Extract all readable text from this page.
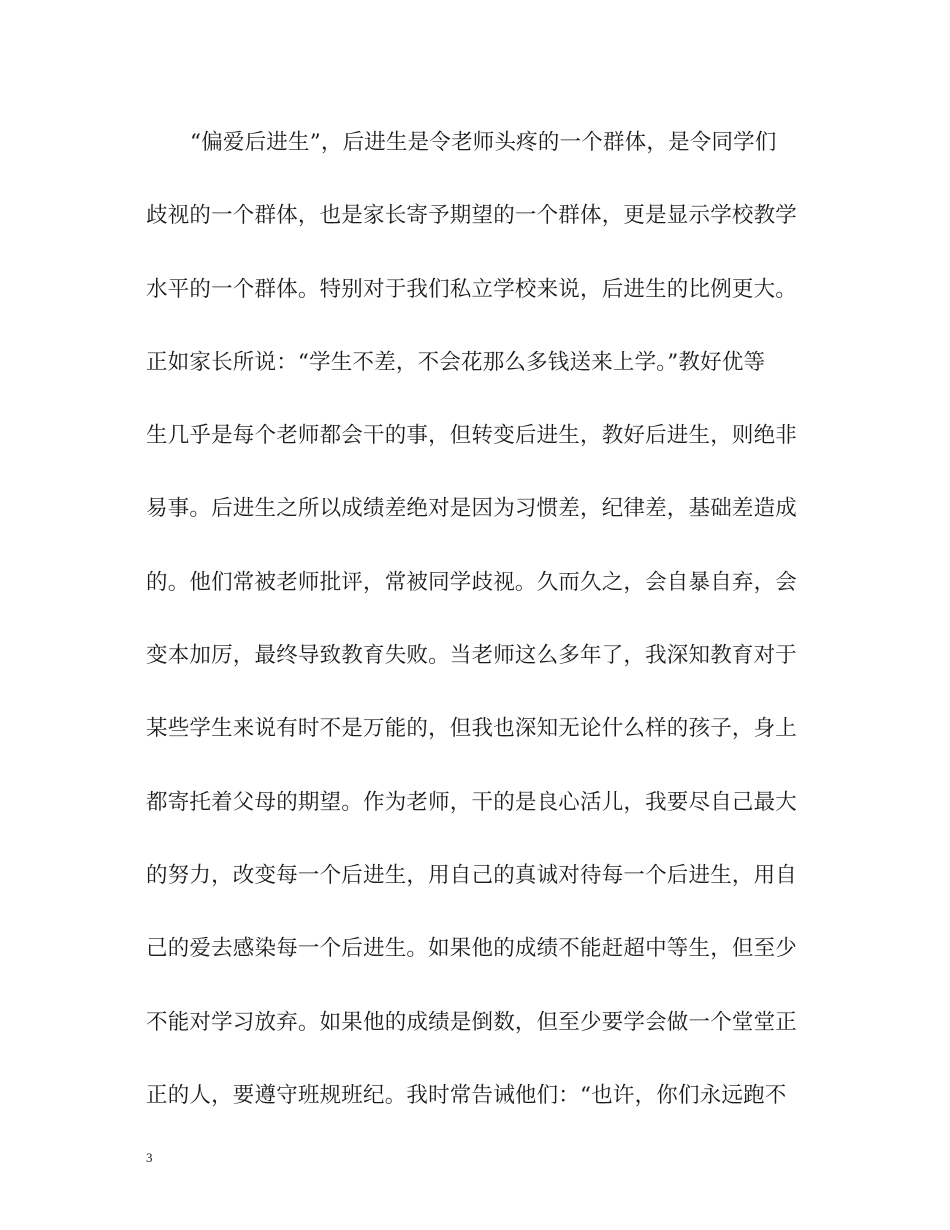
“偏爱后进生”，后进生是令老师头疼的一个群体，是令同学们
歧视的一个群体，也是家长寄予期望的一个群体，更是显示学校教学
水平的一个群体。特别对于我们私立学校来说，后进生的比例更大。
正如家长所说：“学生不差，不会花那么多钱送来上学。”教好优等
生几乎是每个老师都会干的事，但转变后进生，教好后进生，则绝非
易事。后进生之所以成绩差绝对是因为习惯差，纪律差，基础差造成
的。他们常被老师批评，常被同学歧视。久而久之，会自暴自弃，会
变本加厉，最终导致教育失败。当老师这么多年了，我深知教育对于
某些学生来说有时不是万能的，但我也深知无论什么样的孩子，身上
都寄托着父母的期望。作为老师，干的是良心活儿，我要尽自己最大
的努力，改变每一个后进生，用自己的真诚对待每一个后进生，用自
己的爱去感染每一个后进生。如果他的成绩不能赶超中等生，但至少
不能对学习放弃。如果他的成绩是倒数，但至少要学会做一个堂堂正
正的人，要遵守班规班纪。我时常告诫他们：“也许，你们永远跑不
3
